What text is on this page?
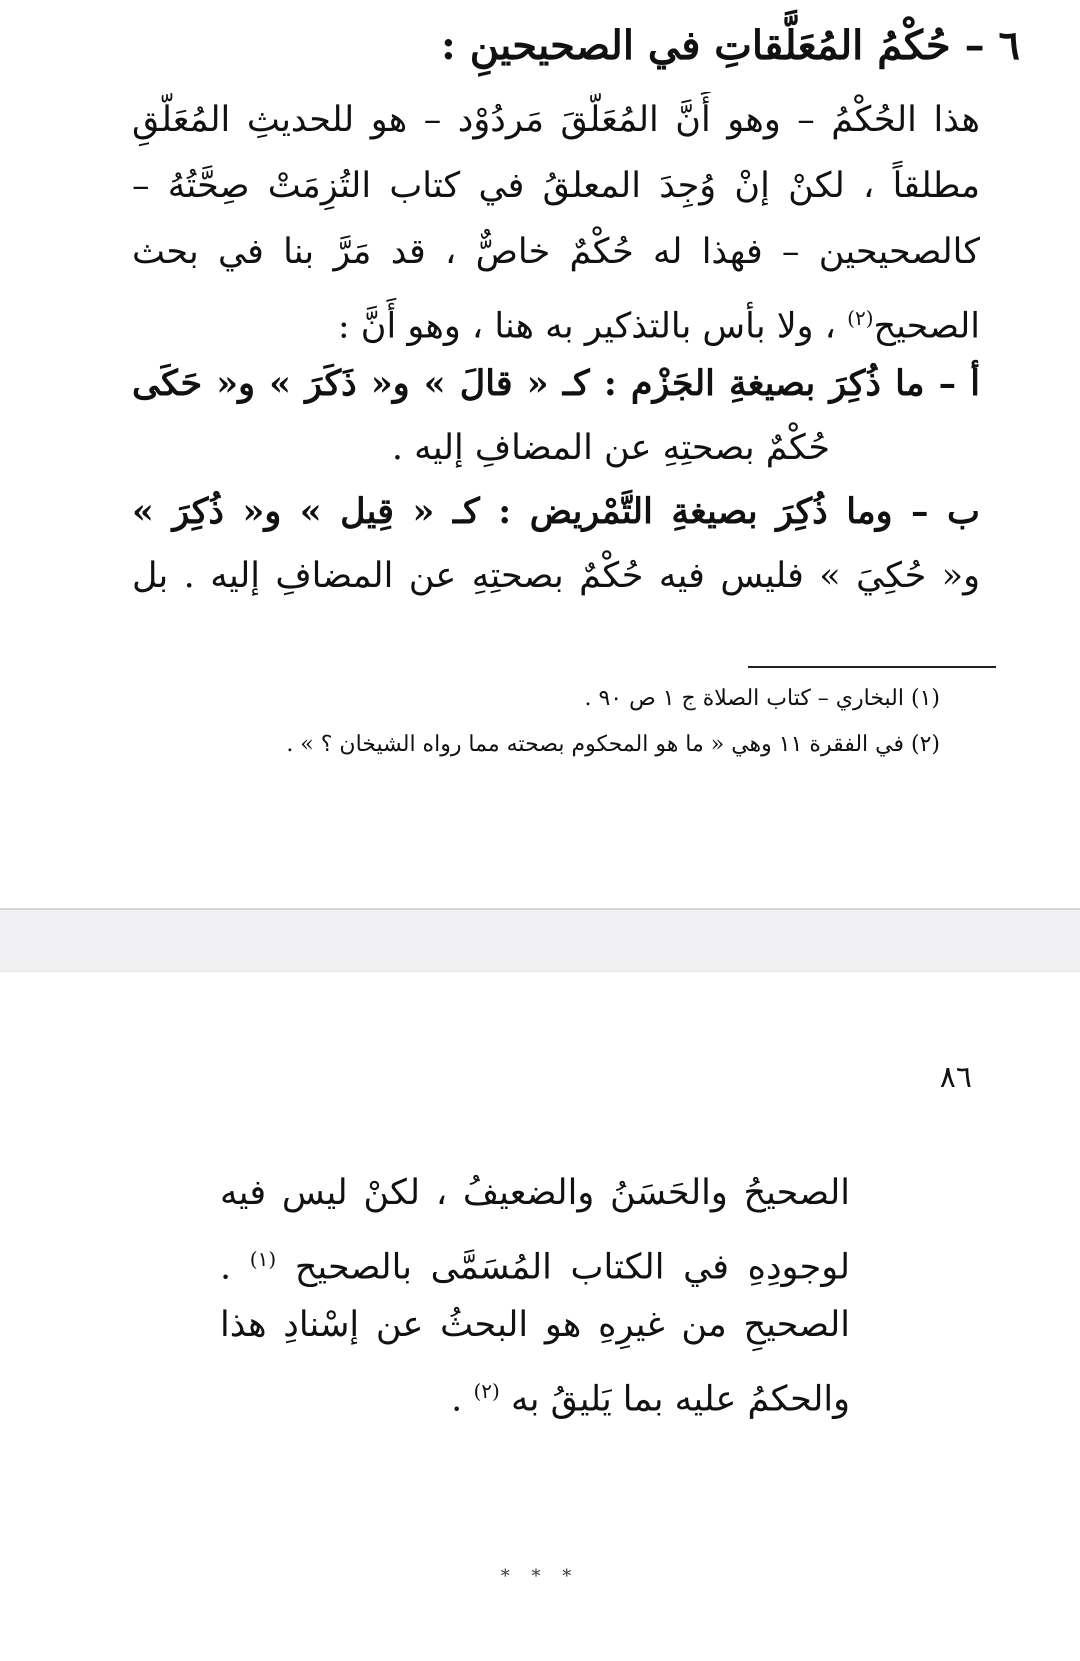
٦ – حُكْمُ المُعَلَّقاتِ في الصحيحينِ :
هذا الحُكْمُ – وهو أَنَّ المُعَلَّقَ مَردُوْد – هو للحديثِ المُعَلَّقِ
مطلقاً ، لكنْ إنْ وُجِدَ المعلقُ في كتاب التُزِمَتْ صِحَّتُهُ –
كالصحيحين – فهذا له حُكْمٌ خاصٌّ ، قد مَرَّ بنا في بحث
الصحيح$^{(٢)}$ ، ولا بأس بالتذكير به هنا ، وهو أَنَّ :
أ – ما ذُكِرَ بصيغةِ الجَزْم : كـ « قالَ » و« ذَكَرَ » و« حَكَى
حُكْمٌ بصحتِهِ عن المضافِ إليه .
ب – وما ذُكِرَ بصيغةِ التَّمْريض : كـ « قِيل » و« ذُكِرَ »
و« حُكِيَ » فليس فيه حُكْمٌ بصحتِهِ عن المضافِ إليه . بل
(١) البخاري – كتاب الصلاة ج ١ ص ٩٠ .
(٢) في الفقرة ١١ وهي « ما هو المحكوم بصحته مما رواه الشيخان ؟ » .
٨٦
الصحيحُ والحَسَنُ والضعيفُ ، لكنْ ليس فيه
لوجودِهِ في الكتاب المُسَمَّى بالصحيح $^{(١)}$ .
الصحيحِ من غيرِهِ هو البحثُ عن إسْنادِ هذا
والحكمُ عليه بما يَليقُ به $^{(٢)}$ .
* * *
